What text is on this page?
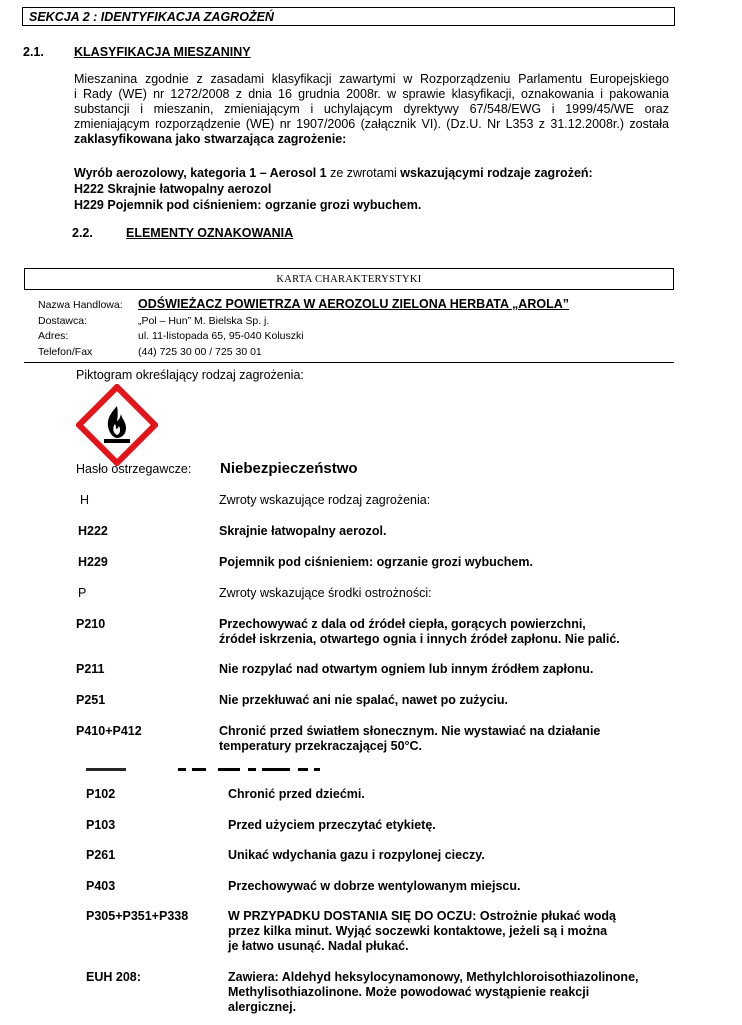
SEKCJA 2 : IDENTYFIKACJA ZAGROŻEŃ
2.1. KLASYFIKACJA MIESZANINY
Mieszanina zgodnie z zasadami klasyfikacji zawartymi w Rozporządzeniu Parlamentu Europejskiego
i Rady (WE) nr 1272/2008 z dnia 16 grudnia 2008r. w sprawie klasyfikacji, oznakowania i pakowania
substancji i mieszanin, zmieniającym i uchylającym dyrektywy 67/548/EWG i 1999/45/WE oraz
zmieniającym rozporządzenie (WE) nr 1907/2006 (załącznik VI). (Dz.U. Nr L353 z 31.12.2008r.) została
zaklasyfikowana jako stwarzająca zagrożenie:
Wyrób aerozolowy, kategoria 1 – Aerosol 1 ze zwrotami wskazującymi rodzaje zagrożeń:
H222 Skrajnie łatwopalny aerozol
H229 Pojemnik pod ciśnieniem: ogrzanie grozi wybuchem.
2.2.	ELEMENTY OZNAKOWANIA
KARTA CHARAKTERYSTYKI
Nazwa Handlowa: ODŚWIEŻACZ POWIETRZA W AEROZOLU ZIELONA HERBATA „AROLA”
Dostawca:	„Pol – Hun” M. Bielska Sp. j.
Adres:	ul. 11-listopada 65, 95-040 Koluszki
Telefon/Fax	(44) 725 30 00 / 725 30 01
Piktogram określający rodzaj zagrożenia:
Hasło ostrzegawcze: Niebezpieczeństwo
H	Zwroty wskazujące rodzaj zagrożenia:
H222	Skrajnie łatwopalny aerozol.
H229	Pojemnik pod ciśnieniem: ogrzanie grozi wybuchem.
P	Zwroty wskazujące środki ostrożności:
P210	Przechowywać z dala od źródeł ciepła, gorących powierzchni,
źródeł iskrzenia, otwartego ognia i innych źródeł zapłonu. Nie palić.
P211	Nie rozpylać nad otwartym ogniem lub innym źródłem zapłonu.
P251	Nie przekłuwać ani nie spalać, nawet po zużyciu.
P410+P412	Chronić przed światłem słonecznym. Nie wystawiać na działanie
temperatury przekraczającej 50°C.
P102	Chronić przed dziećmi.
P103	Przed użyciem przeczytać etykietę.
P261	Unikać wdychania gazu i rozpylonej cieczy.
P403	Przechowywać w dobrze wentylowanym miejscu.
P305+P351+P338	W PRZYPADKU DOSTANIA SIĘ DO OCZU: Ostrożnie płukać wodą
przez kilka minut. Wyjąć soczewki kontaktowe, jeżeli są i można
je łatwo usunąć. Nadal płukać.
EUH 208:	Zawiera: Aldehyd heksylocynamonowy, Methylchloroisothiazolinone,
Methylisothiazolinone. Może powodować wystąpienie reakcji
alergicznej.
